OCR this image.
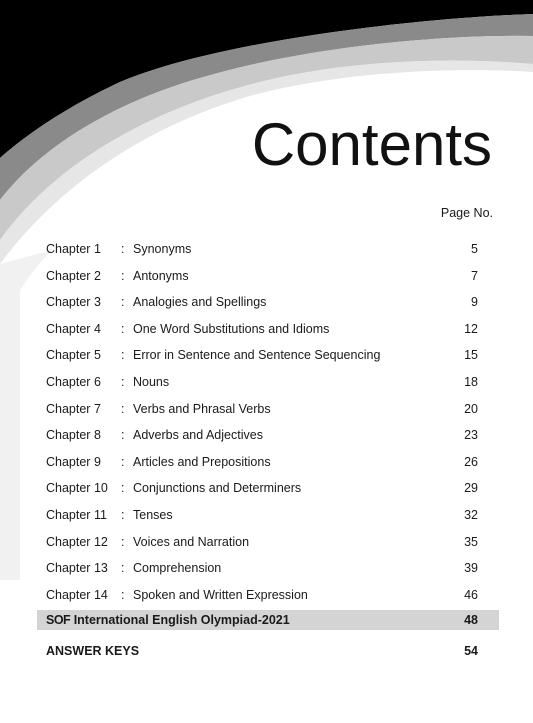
Contents
Page No.
Chapter 1 : Synonyms	5
Chapter 2 : Antonyms	7
Chapter 3 : Analogies and Spellings	9
Chapter 4 : One Word Substitutions and Idioms	12
Chapter 5 : Error in Sentence and Sentence Sequencing	15
Chapter 6 : Nouns	18
Chapter 7 : Verbs and Phrasal Verbs	20
Chapter 8 : Adverbs and Adjectives	23
Chapter 9 : Articles and Prepositions	26
Chapter 10 : Conjunctions and Determiners	29
Chapter 11 : Tenses	32
Chapter 12 : Voices and Narration	35
Chapter 13 : Comprehension	39
Chapter 14 : Spoken and Written Expression	46
SOF International English Olympiad-2021	48
ANSWER KEYS	54
